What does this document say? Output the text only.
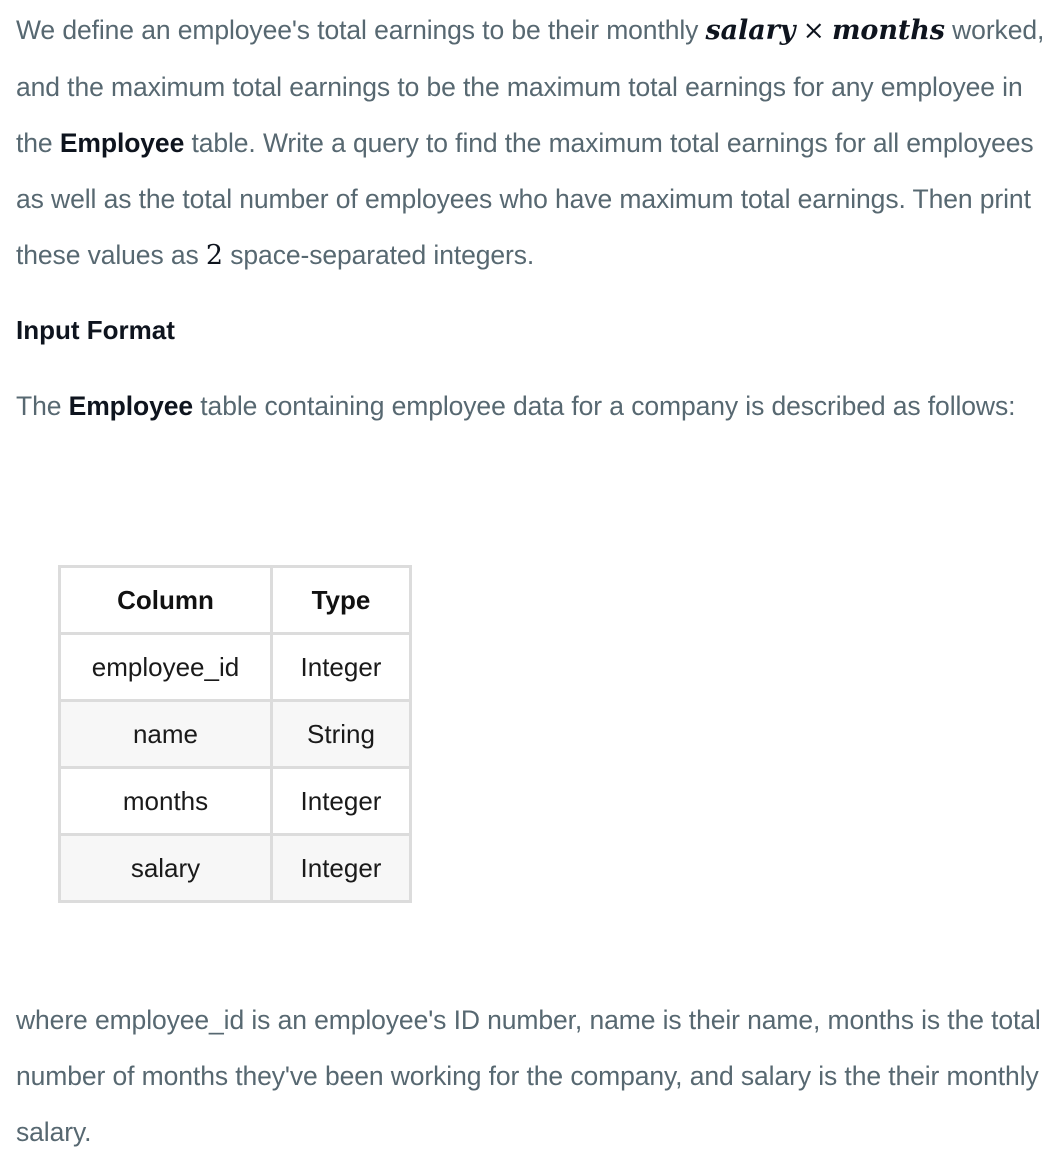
We define an employee's total earnings to be their monthly salary × months worked, and the maximum total earnings to be the maximum total earnings for any employee in the Employee table. Write a query to find the maximum total earnings for all employees as well as the total number of employees who have maximum total earnings. Then print these values as 2 space-separated integers.

Input Format

The Employee table containing employee data for a company is described as follows:

Column	Type
employee_id	Integer
name	String
months	Integer
salary	Integer

where employee_id is an employee's ID number, name is their name, months is the total number of months they've been working for the company, and salary is the their monthly salary.
